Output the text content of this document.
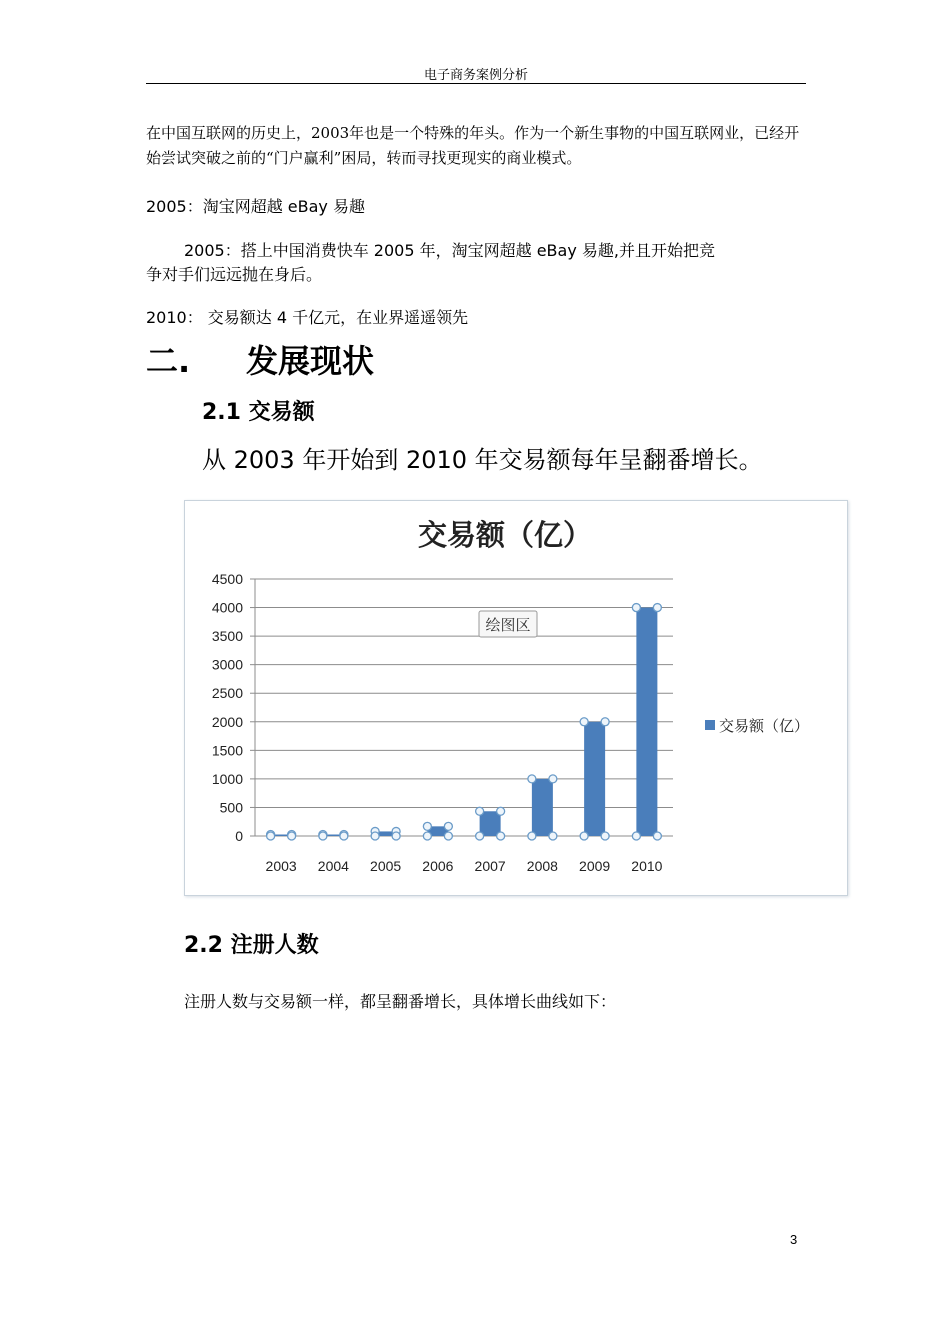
电子商务案例分析
在中国互联网的历史上，2003年也是一个特殊的年头。作为一个新生事物的中国互联网业，已经开始尝试突破之前的“门户赢利”困局，转而寻找更现实的商业模式。
2005：淘宝网超越 eBay 易趣
2005：搭上中国消费快车 2005 年，淘宝网超越 eBay 易趣,并且开始把竞
争对手们远远抛在身后。
2010： 交易额达 4 千亿元，在业界遥遥领先
二. 发展现状
2.1 交易额
从 2003 年开始到 2010 年交易额每年呈翻番增长。
0
500
1000
1500
2000
2500
3000
3500
4000
4500
2003 2004 2005 2006 2007 2008 2009 2010
交易额（亿）
绘图区
交易额（亿）
2.2 注册人数
注册人数与交易额一样，都呈翻番增长，具体增长曲线如下：
3
